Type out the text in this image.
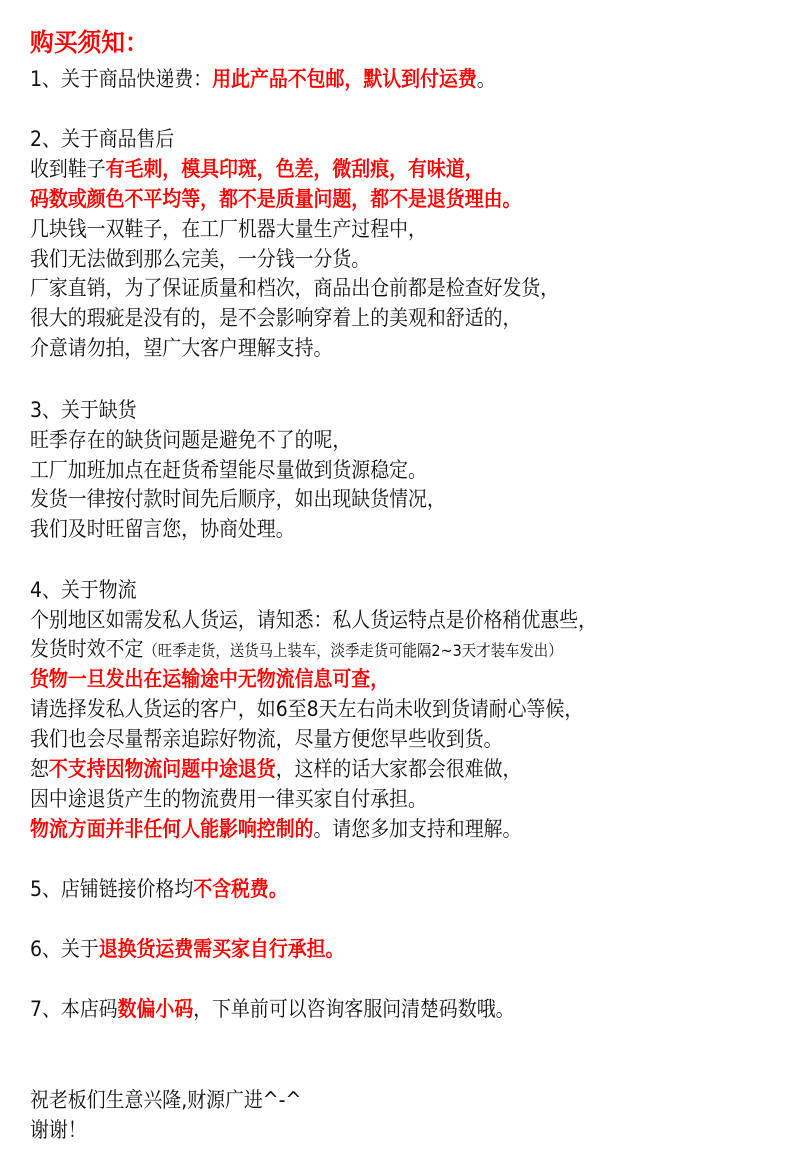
购买须知：
1、关于商品快递费：用此产品不包邮，默认到付运费。
2、关于商品售后
收到鞋子有毛刺，模具印斑，色差，微刮痕，有味道，
码数或颜色不平均等，都不是质量问题，都不是退货理由。
几块钱一双鞋子，在工厂机器大量生产过程中，
我们无法做到那么完美，一分钱一分货。
厂家直销，为了保证质量和档次，商品出仓前都是检查好发货，
很大的瑕疵是没有的，是不会影响穿着上的美观和舒适的，
介意请勿拍，望广大客户理解支持。
3、关于缺货
旺季存在的缺货问题是避免不了的呢，
工厂加班加点在赶货希望能尽量做到货源稳定。
发货一律按付款时间先后顺序，如出现缺货情况，
我们及时旺留言您，协商处理。
4、关于物流
个别地区如需发私人货运，请知悉：私人货运特点是价格稍优惠些，
发货时效不定（旺季走货，送货马上装车，淡季走货可能隔2~3天才装车发出）
货物一旦发出在运输途中无物流信息可查，
请选择发私人货运的客户，如6至8天左右尚未收到货请耐心等候，
我们也会尽量帮亲追踪好物流，尽量方便您早些收到货。
恕不支持因物流问题中途退货，这样的话大家都会很难做，
因中途退货产生的物流费用一律买家自付承担。
物流方面并非任何人能影响控制的。请您多加支持和理解。
5、店铺链接价格均不含税费。
6、关于退换货运费需买家自行承担。
7、本店码数偏小码，下单前可以咨询客服问清楚码数哦。
祝老板们生意兴隆,财源广进^-^
谢谢！
